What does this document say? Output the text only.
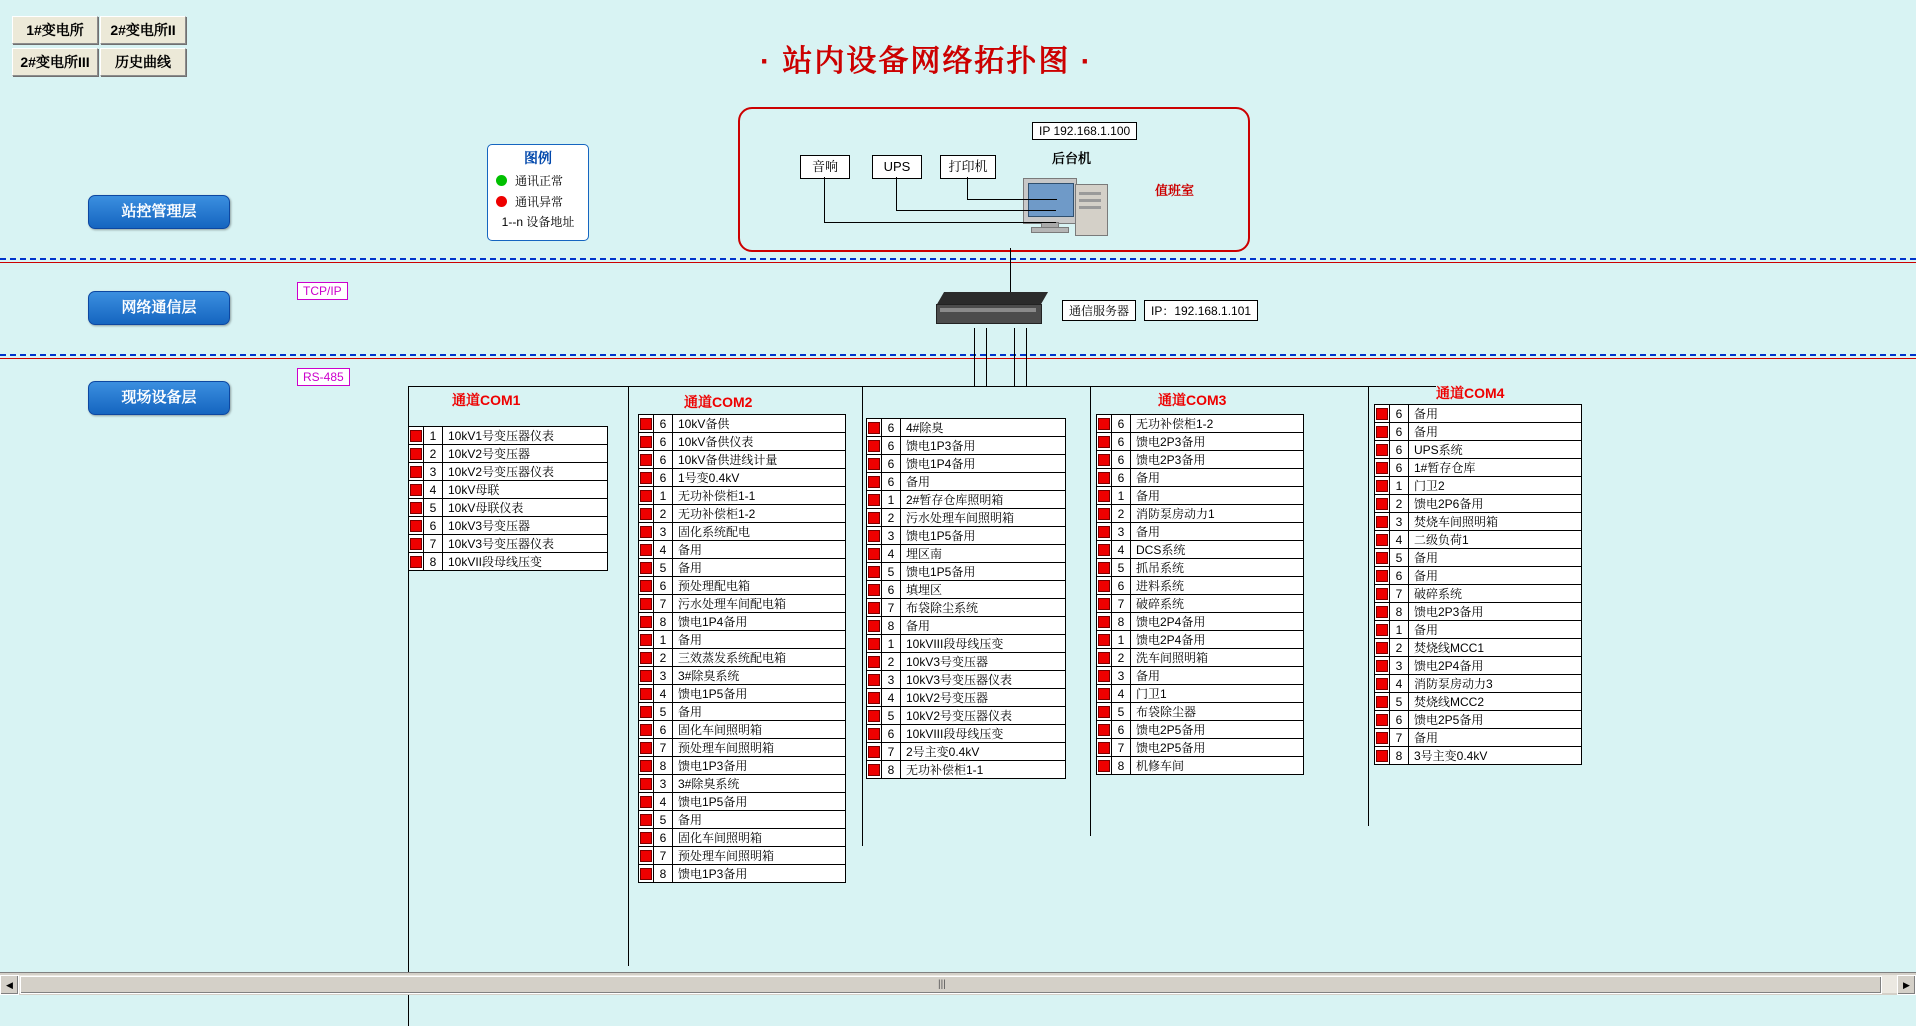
1#变电所	2#变电所II
2#变电所III	历史曲线	· 站内设备网络拓扑图 ·
站控管理层
网络通信层
现场设备层
图例
通讯正常
通讯异常
1--n 设备地址
IP 192.168.1.100
后台机
音响	UPS	打印机
值班室
TCP/IP
RS-485
通信服务器	IP：192.168.1.101
通道COM1	通道COM2	通道COM3	通道COM4
	1	10kV1号变压器仪表
	2	10kV2号变压器
	3	10kV2号变压器仪表
	4	10kV母联
	5	10kV母联仪表
	6	10kV3号变压器
	7	10kV3号变压器仪表
	8	10kVII段母线压变
	6	10kV备供
	6	10kV备供仪表
	6	10kV备供进线计量
	6	1号变0.4kV
	1	无功补偿柜1-1
	2	无功补偿柜1-2
	3	固化系统配电
	4	备用
	5	备用
	6	预处理配电箱
	7	污水处理车间配电箱
	8	馈电1P4备用
	1	备用
	2	三效蒸发系统配电箱
	3	3#除臭系统
	4	馈电1P5备用
	5	备用
	6	固化车间照明箱
	7	预处理车间照明箱
	8	馈电1P3备用
	3	3#除臭系统
	4	馈电1P5备用
	5	备用
	6	固化车间照明箱
	7	预处理车间照明箱
	8	馈电1P3备用
	6	4#除臭
	6	馈电1P3备用
	6	馈电1P4备用
	6	备用
	1	2#暂存仓库照明箱
	2	污水处理车间照明箱
	3	馈电1P5备用
	4	埋区南
	5	馈电1P5备用
	6	填埋区
	7	布袋除尘系统
	8	备用
	1	10kVIII段母线压变
	2	10kV3号变压器
	3	10kV3号变压器仪表
	4	10kV2号变压器
	5	10kV2号变压器仪表
	6	10kVIII段母线压变
	7	2号主变0.4kV
	8	无功补偿柜1-1
	6	无功补偿柜1-2
	6	馈电2P3备用
	6	馈电2P3备用
	6	备用
	1	备用
	2	消防泵房动力1
	3	备用
	4	DCS系统
	5	抓吊系统
	6	进料系统
	7	破碎系统
	8	馈电2P4备用
	1	馈电2P4备用
	2	洗车间照明箱
	3	备用
	4	门卫1
	5	布袋除尘器
	6	馈电2P5备用
	7	馈电2P5备用
	8	机修车间
	6	备用
	6	备用
	6	UPS系统
	6	1#暂存仓库
	1	门卫2
	2	馈电2P6备用
	3	焚烧车间照明箱
	4	二级负荷1
	5	备用
	6	备用
	7	破碎系统
	8	馈电2P3备用
	1	备用
	2	焚烧线MCC1
	3	馈电2P4备用
	4	消防泵房动力3
	5	焚烧线MCC2
	6	馈电2P5备用
	7	备用
	8	3号主变0.4kV
◀	▶
|||
